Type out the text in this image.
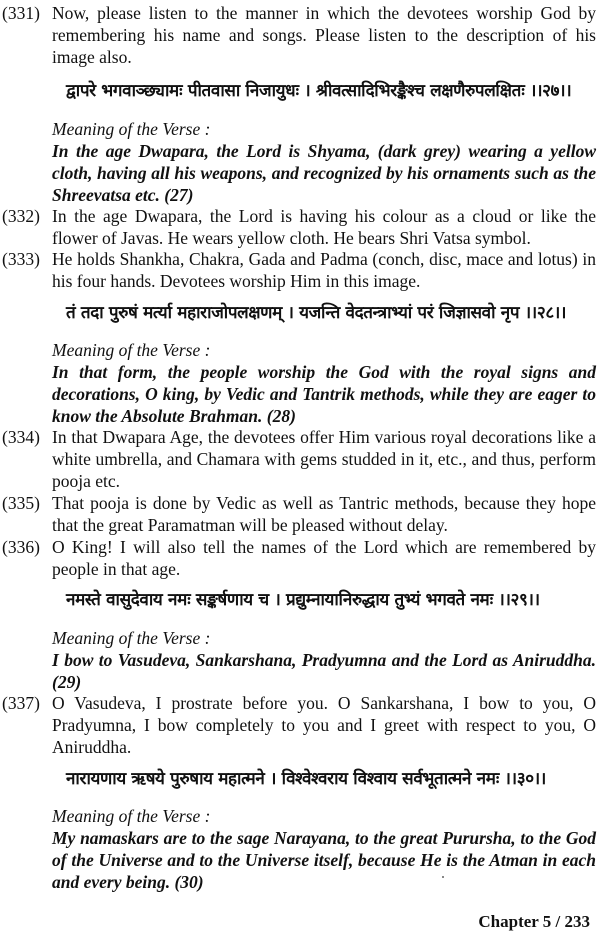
(331) Now, please listen to the manner in which the devotees worship God by remembering his name and songs. Please listen to the description of his image also.
द्वापरे भगवाञ्छ्यामः पीतवासा निजायुधः । श्रीवत्सादिभिरङ्कैश्च लक्षणैरुपलक्षितः ।।२७।।
Meaning of the Verse :
In the age Dwapara, the Lord is Shyama, (dark grey) wearing a yellow cloth, having all his weapons, and recognized by his ornaments such as the Shreevatsa etc. (27)
(332) In the age Dwapara, the Lord is having his colour as a cloud or like the flower of Javas. He wears yellow cloth. He bears Shri Vatsa symbol.
(333) He holds Shankha, Chakra, Gada and Padma (conch, disc, mace and lotus) in his four hands. Devotees worship Him in this image.
तं तदा पुरुषं मर्त्या महाराजोपलक्षणम् । यजन्ति वेदतन्त्राभ्यां परं जिज्ञासवो नृप ।।२८।।
Meaning of the Verse :
In that form, the people worship the God with the royal signs and decorations, O king, by Vedic and Tantrik methods, while they are eager to know the Absolute Brahman. (28)
(334) In that Dwapara Age, the devotees offer Him various royal decorations like a white umbrella, and Chamara with gems studded in it, etc., and thus, perform pooja etc.
(335) That pooja is done by Vedic as well as Tantric methods, because they hope that the great Paramatman will be pleased without delay.
(336) O King! I will also tell the names of the Lord which are remembered by people in that age.
नमस्ते वासुदेवाय नमः सङ्कर्षणाय च । प्रद्युम्नायानिरुद्धाय तुभ्यं भगवते नमः ।।२९।।
Meaning of the Verse :
I bow to Vasudeva, Sankarshana, Pradyumna and the Lord as Aniruddha. (29)
(337) O Vasudeva, I prostrate before you. O Sankarshana, I bow to you, O Pradyumna, I bow completely to you and I greet with respect to you, O Aniruddha.
नारायणाय ऋषये पुरुषाय महात्मने । विश्वेश्वराय विश्वाय सर्वभूतात्मने नमः ।।३०।।
Meaning of the Verse :
My namaskars are to the sage Narayana, to the great Purursha, to the God of the Universe and to the Universe itself, because He is the Atman in each and every being. (30)
Chapter 5 / 233
